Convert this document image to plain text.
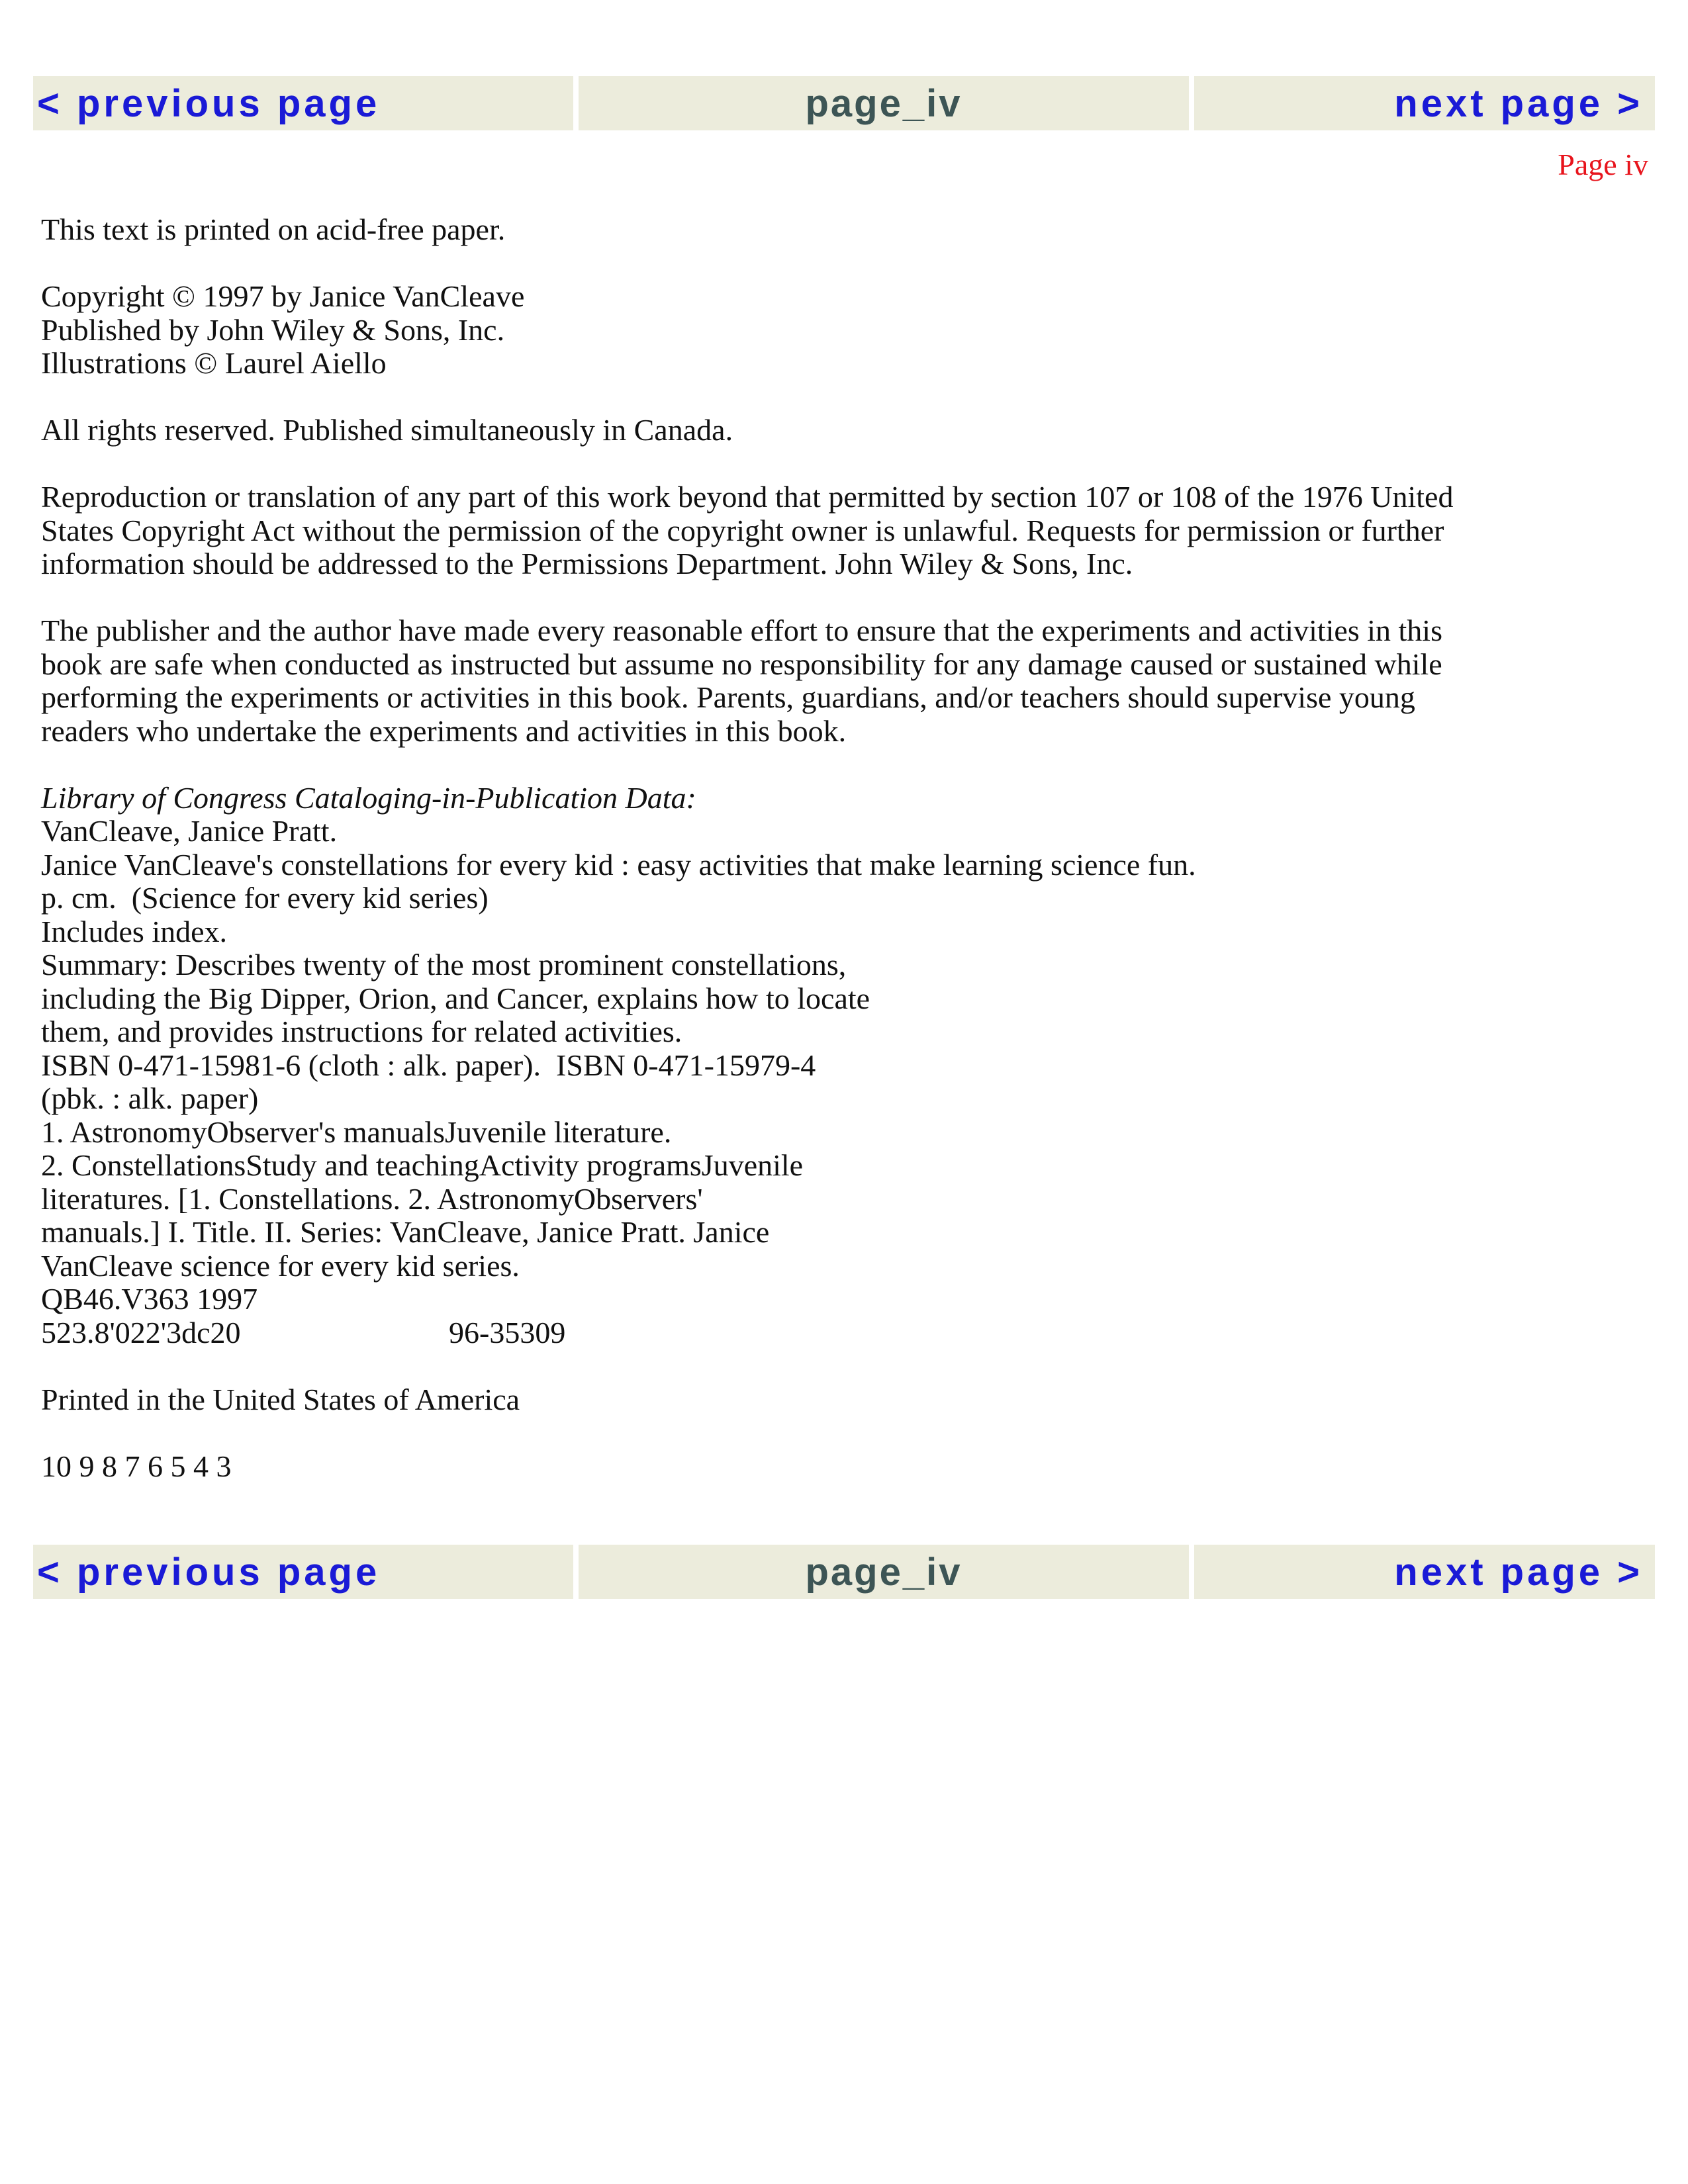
< previous page	page_iv	next page >
Page iv
This text is printed on acid-free paper.
Copyright © 1997 by Janice VanCleave
Published by John Wiley & Sons, Inc.
Illustrations © Laurel Aiello
All rights reserved. Published simultaneously in Canada.
Reproduction or translation of any part of this work beyond that permitted by section 107 or 108 of the 1976 United
States Copyright Act without the permission of the copyright owner is unlawful. Requests for permission or further
information should be addressed to the Permissions Department. John Wiley & Sons, Inc.
The publisher and the author have made every reasonable effort to ensure that the experiments and activities in this
book are safe when conducted as instructed but assume no responsibility for any damage caused or sustained while
performing the experiments or activities in this book. Parents, guardians, and/or teachers should supervise young
readers who undertake the experiments and activities in this book.
Library of Congress Cataloging-in-Publication Data:
VanCleave, Janice Pratt.
Janice VanCleave's constellations for every kid : easy activities that make learning science fun.
p. cm.  (Science for every kid series)
Includes index.
Summary: Describes twenty of the most prominent constellations,
including the Big Dipper, Orion, and Cancer, explains how to locate
them, and provides instructions for related activities.
ISBN 0-471-15981-6 (cloth : alk. paper).  ISBN 0-471-15979-4
(pbk. : alk. paper)
1. AstronomyObserver's manualsJuvenile literature.
2. ConstellationsStudy and teachingActivity programsJuvenile
literatures. [1. Constellations. 2. AstronomyObservers'
manuals.] I. Title. II. Series: VanCleave, Janice Pratt. Janice
VanCleave science for every kid series.
QB46.V363 1997
523.8'022'3dc20	96-35309
Printed in the United States of America
10 9 8 7 6 5 4 3
< previous page	page_iv	next page >
